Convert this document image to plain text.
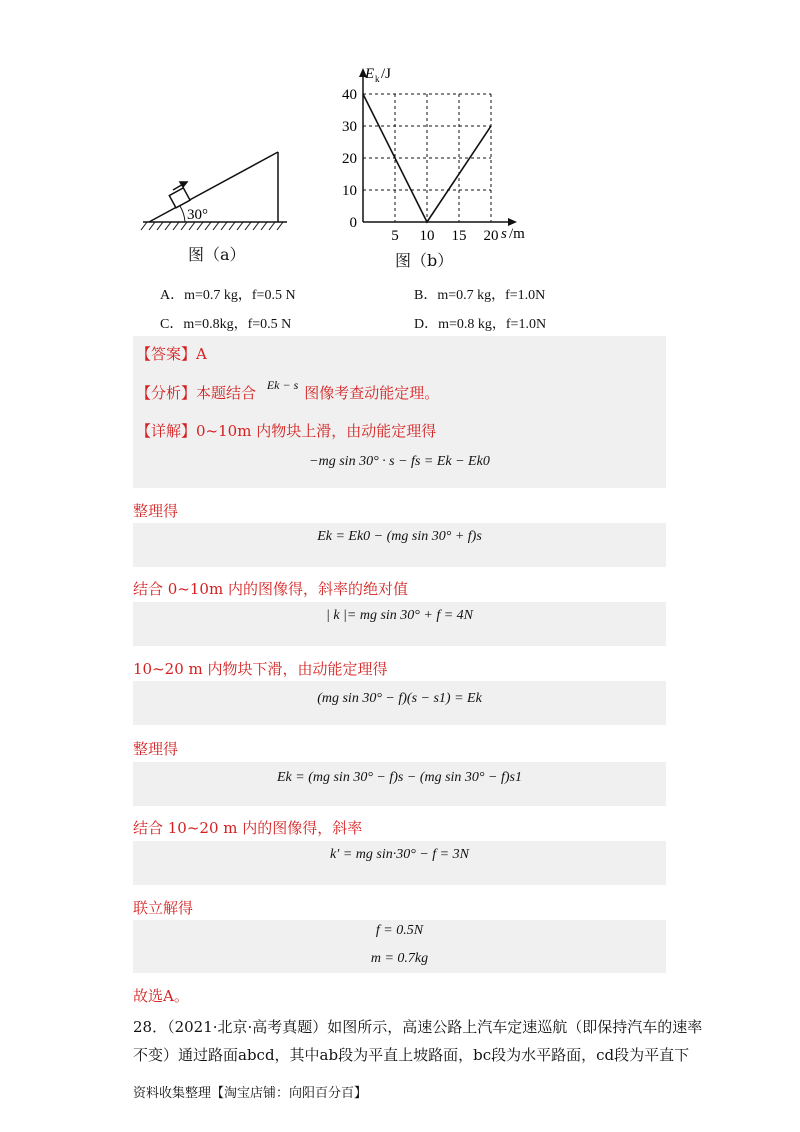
30°
图（a）
E k /J
s /m
5 10 15 20
0
10
20
30
40
图（b）
A．m=0.7 kg，f=0.5 N	B．m=0.7 kg，f=1.0N
C．m=0.8kg，f=0.5 N	D．m=0.8 kg，f=1.0N
【答案】A
【分析】本题结合 Ek − s 图像考查动能定理。
【详解】0~10m 内物块上滑，由动能定理得
−mg sin 30° · s − fs = Ek − Ek0
整理得
Ek = Ek0 − (mg sin 30° + f)s
结合 0~10m 内的图像得，斜率的绝对值
| k |= mg sin 30° + f = 4N
10~20 m 内物块下滑，由动能定理得
(mg sin 30° − f)(s − s1) = Ek
整理得
Ek = (mg sin 30° − f)s − (mg sin 30° − f)s1
结合 10~20 m 内的图像得，斜率
k′ = mg sin·30° − f = 3N
联立解得
f = 0.5N
m = 0.7kg
故选A。
28．（2021·北京·高考真题）如图所示，高速公路上汽车定速巡航（即保持汽车的速率
不变）通过路面abcd，其中ab段为平直上坡路面，bc段为水平路面，cd段为平直下
资料收集整理【淘宝店铺：向阳百分百】
